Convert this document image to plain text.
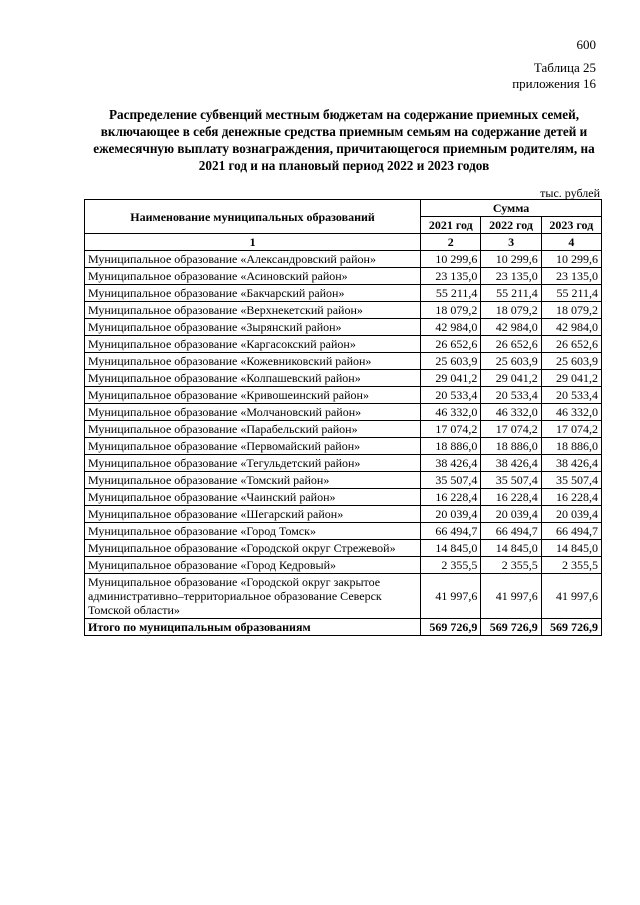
600
Таблица 25
приложения 16
Распределение субвенций местным бюджетам на содержание приемных семей, включающее в себя денежные средства приемным семьям на содержание детей и ежемесячную выплату вознаграждения, причитающегося приемным родителям, на 2021 год и на плановый период 2022 и 2023 годов
тыс. рублей
Наименование муниципальных образований	Сумма		
	2021 год	2022 год	2023 год
1	2	3	4
Муниципальное образование «Александровский район»	10 299,6	10 299,6	10 299,6
Муниципальное образование «Асиновский район»	23 135,0	23 135,0	23 135,0
Муниципальное образование «Бакчарский район»	55 211,4	55 211,4	55 211,4
Муниципальное образование «Верхнекетский район»	18 079,2	18 079,2	18 079,2
Муниципальное образование «Зырянский район»	42 984,0	42 984,0	42 984,0
Муниципальное образование «Каргасокский район»	26 652,6	26 652,6	26 652,6
Муниципальное образование «Кожевниковский район»	25 603,9	25 603,9	25 603,9
Муниципальное образование «Колпашевский район»	29 041,2	29 041,2	29 041,2
Муниципальное образование «Кривошеинский район»	20 533,4	20 533,4	20 533,4
Муниципальное образование «Молчановский район»	46 332,0	46 332,0	46 332,0
Муниципальное образование «Парабельский район»	17 074,2	17 074,2	17 074,2
Муниципальное образование «Первомайский район»	18 886,0	18 886,0	18 886,0
Муниципальное образование «Тегульдетский район»	38 426,4	38 426,4	38 426,4
Муниципальное образование «Томский район»	35 507,4	35 507,4	35 507,4
Муниципальное образование «Чаинский район»	16 228,4	16 228,4	16 228,4
Муниципальное образование «Шегарский район»	20 039,4	20 039,4	20 039,4
Муниципальное образование «Город Томск»	66 494,7	66 494,7	66 494,7
Муниципальное образование «Городской округ Стрежевой»	14 845,0	14 845,0	14 845,0
Муниципальное образование «Город Кедровый»	2 355,5	2 355,5	2 355,5
Муниципальное образование «Городской округ закрытое административно–территориальное образование Северск Томской области»	41 997,6	41 997,6	41 997,6
Итого по муниципальным образованиям	569 726,9	569 726,9	569 726,9
